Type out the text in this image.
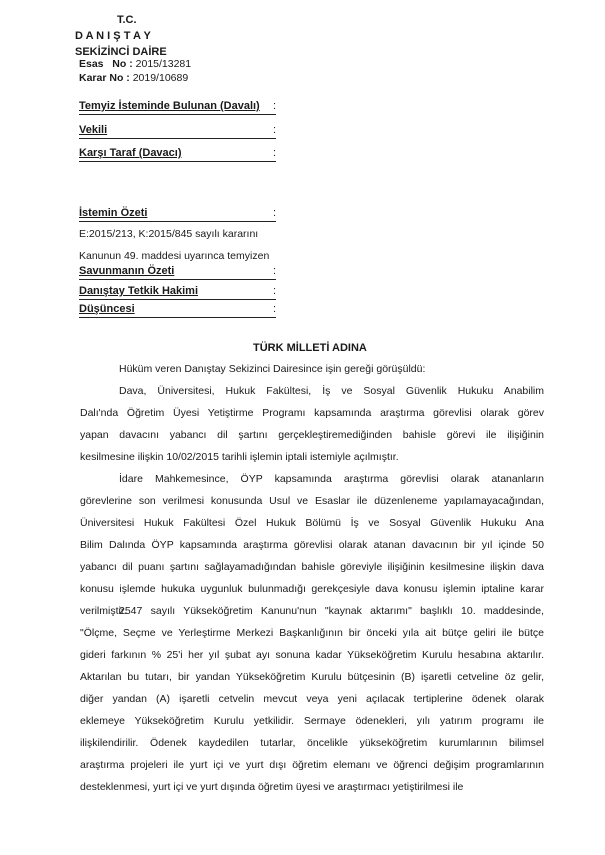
T.C.
D A N I Ş T A Y
SEKİZİNCİ DAİRE
Esas No : 2015/13281
Karar No : 2019/10689
Temyiz İsteminde Bulunan (Davalı) :
Vekili	:
Karşı Taraf (Davacı)	:
İstemin Özeti	:
E:2015/213, K:2015/845 sayılı kararını
Kanunun 49. maddesi uyarınca temyizen
Savunmanın Özeti	:
Danıştay Tetkik Hakimi	:
Düşüncesi	:
TÜRK MİLLETİ ADINA
Hüküm veren Danıştay Sekizinci Dairesince işin gereği görüşüldü:
Dava, Üniversitesi, Hukuk Fakültesi, İş ve Sosyal Güvenlik Hukuku Anabilim
Dalı'nda Öğretim Üyesi Yetiştirme Programı kapsamında araştırma görevlisi olarak görev
yapan davacını yabancı dil şartını gerçekleştiremediğinden bahisle görevi ile ilişiğinin
kesilmesine ilişkin 10/02/2015 tarihli işlemin iptali istemiyle açılmıştır.
İdare Mahkemesince, ÖYP kapsamında araştırma görevlisi olarak atananların
görevlerine son verilmesi konusunda Usul ve Esaslar ile düzenleneme yapılamayacağından,
Üniversitesi Hukuk Fakültesi Özel Hukuk Bölümü İş ve Sosyal Güvenlik Hukuku Ana
Bilim Dalında ÖYP kapsamında araştırma görevlisi olarak atanan davacının bir yıl içinde 50
yabancı dil puanı şartını sağlayamadığından bahisle göreviyle ilişiğinin kesilmesine ilişkin dava
konusu işlemde hukuka uygunluk bulunmadığı gerekçesiyle dava konusu işlemin iptaline karar
verilmiştir.
2547 sayılı Yükseköğretim Kanunu'nun "kaynak aktarımı" başlıklı 10. maddesinde,
"Ölçme, Seçme ve Yerleştirme Merkezi Başkanlığının bir önceki yıla ait bütçe geliri ile bütçe
gideri farkının % 25'i her yıl şubat ayı sonuna kadar Yükseköğretim Kurulu hesabına aktarılır.
Aktarılan bu tutarı, bir yandan Yükseköğretim Kurulu bütçesinin (B) işaretli cetveline öz gelir,
diğer yandan (A) işaretli cetvelin mevcut veya yeni açılacak tertiplerine ödenek olarak
eklemeye Yükseköğretim Kurulu yetkilidir. Sermaye ödenekleri, yılı yatırım programı ile
ilişkilendirilir. Ödenek kaydedilen tutarlar, öncelikle yükseköğretim kurumlarının bilimsel
araştırma projeleri ile yurt içi ve yurt dışı öğretim elemanı ve öğrenci değişim programlarının
desteklenmesi, yurt içi ve yurt dışında öğretim üyesi ve araştırmacı yetiştirilmesi ile
